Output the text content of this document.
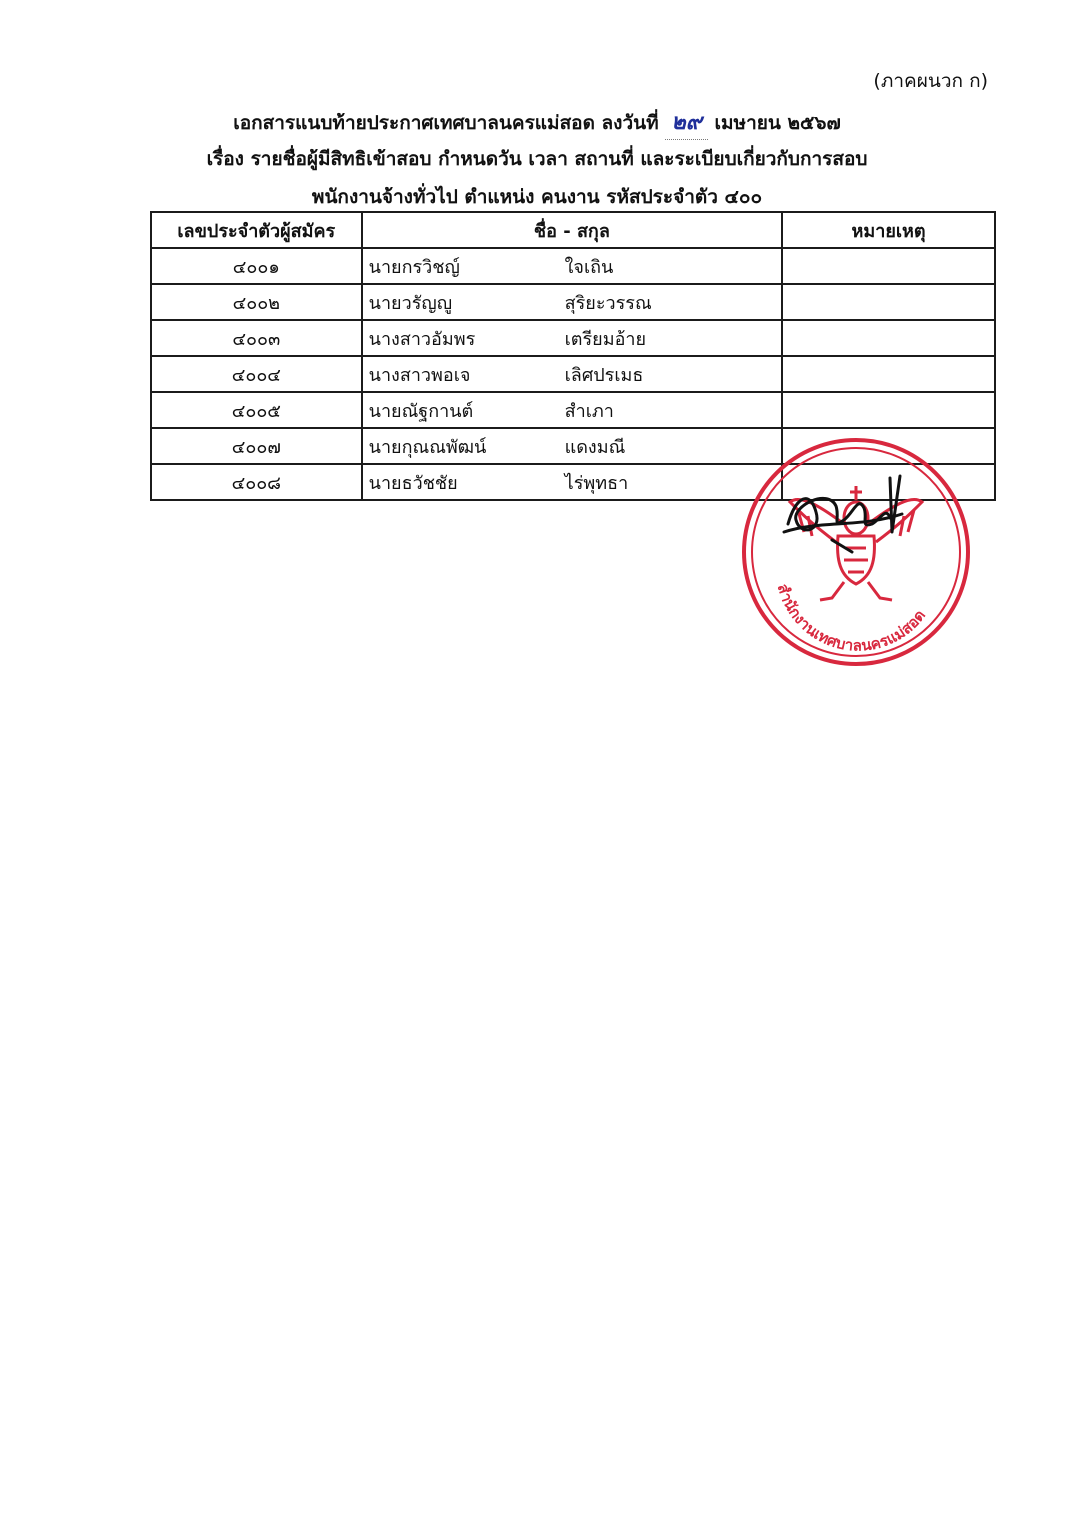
(ภาคผนวก ก)
เอกสารแนบท้ายประกาศเทศบาลนครแม่สอด ลงวันที่ ๒๙ เมษายน ๒๕๖๗
เรื่อง รายชื่อผู้มีสิทธิเข้าสอบ กำหนดวัน เวลา สถานที่ และระเบียบเกี่ยวกับการสอบ
พนักงานจ้างทั่วไป ตำแหน่ง คนงาน รหัสประจำตัว ๔๐๐
เลขประจำตัวผู้สมัคร	ชื่อ - สกุล	หมายเหตุ
๔๐๐๑	นายกรวิชญ์ ใจเถิน	

๔๐๐๒	นายวรัญญู สุริยะวรรณ	

๔๐๐๓	นางสาวอัมพร เตรียมอ้าย	

๔๐๐๔	นางสาวพอเจ เลิศปรเมธ	

๔๐๐๕	นายณัฐกานต์ สำเภา	

๔๐๐๗	นายกุณณพัฒน์ แดงมณี	

๔๐๐๘	นายธวัชชัย ไร่พุทธา	

สำนักงานเทศบาลนครแม่สอด
